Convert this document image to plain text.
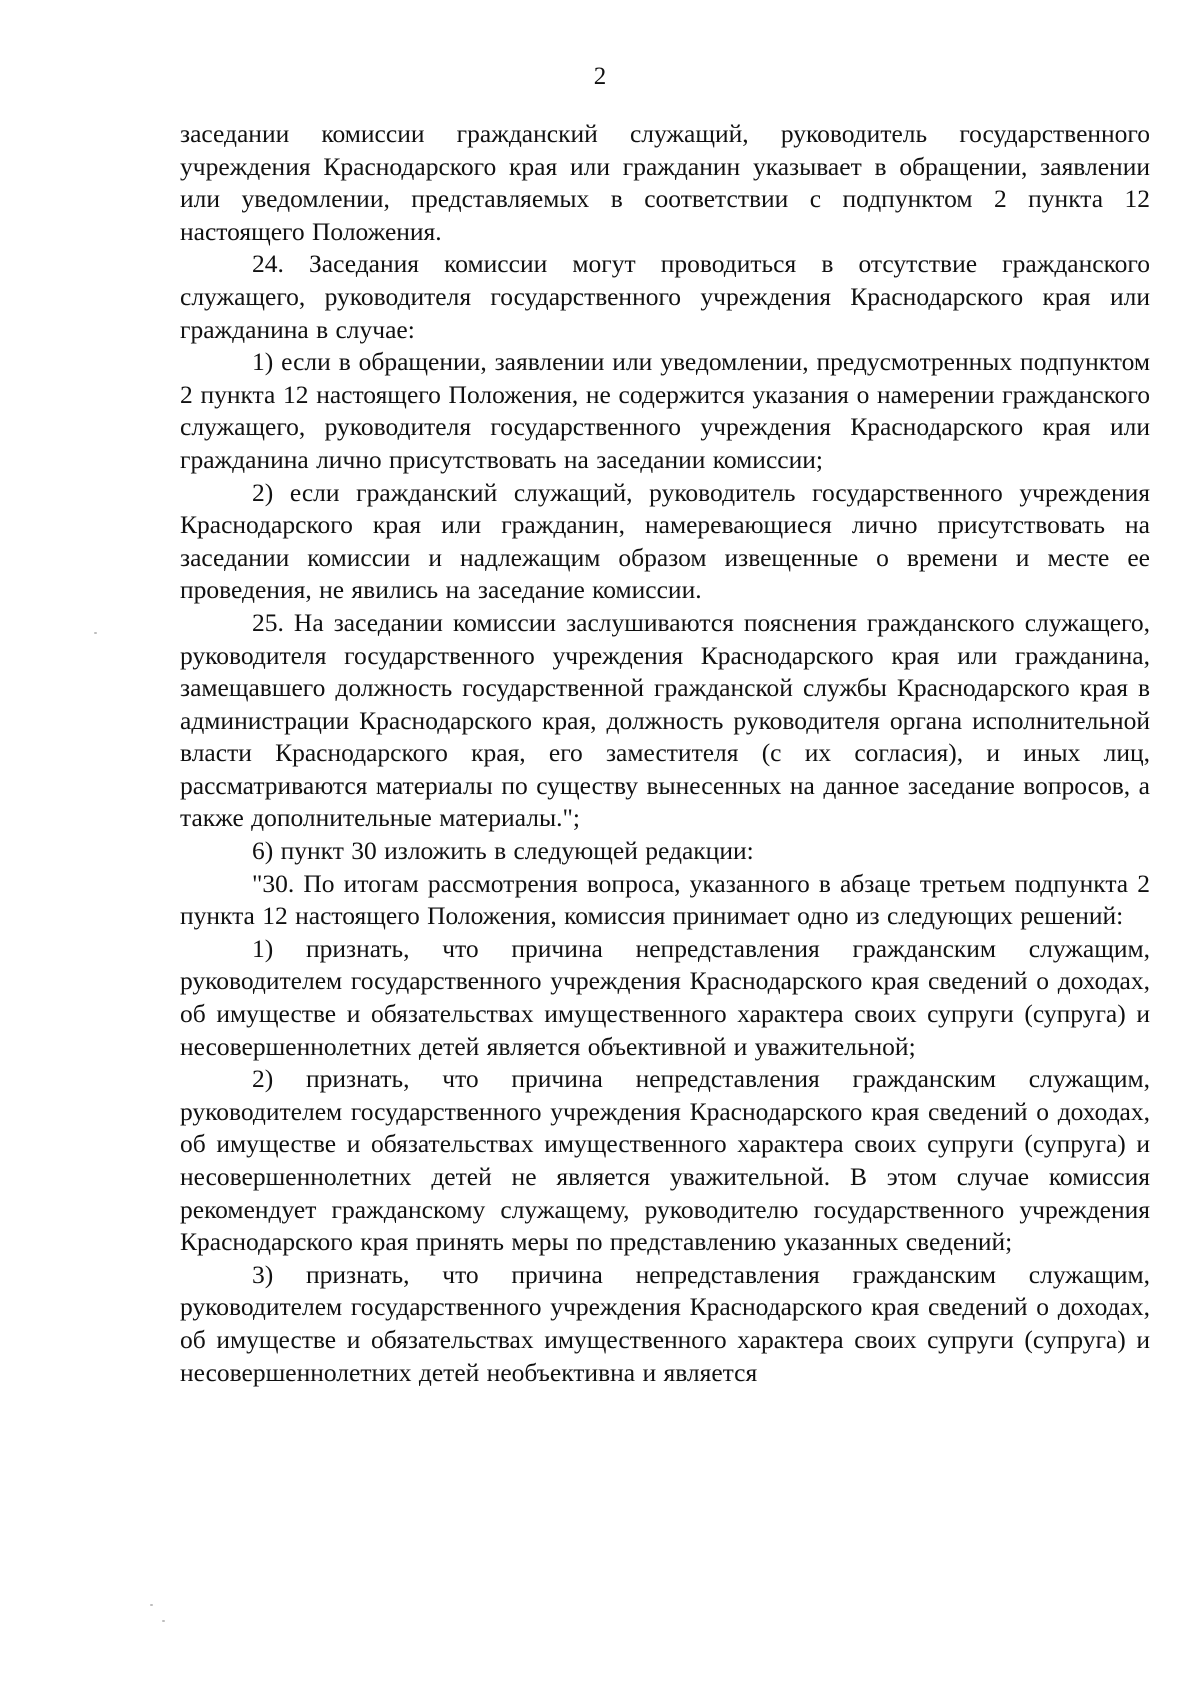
2

заседании комиссии гражданский служащий, руководитель государственного учреждения Краснодарского края или гражданин указывает в обращении, заявлении или уведомлении, представляемых в соответствии с подпунктом 2 пункта 12 настоящего Положения.

24. Заседания комиссии могут проводиться в отсутствие гражданского служащего, руководителя государственного учреждения Краснодарского края или гражданина в случае:

1) если в обращении, заявлении или уведомлении, предусмотренных подпунктом 2 пункта 12 настоящего Положения, не содержится указания о намерении гражданского служащего, руководителя государственного учреждения Краснодарского края или гражданина лично присутствовать на заседании комиссии;

2) если гражданский служащий, руководитель государственного учреждения Краснодарского края или гражданин, намеревающиеся лично присутствовать на заседании комиссии и надлежащим образом извещенные о времени и месте ее проведения, не явились на заседание комиссии.

25. На заседании комиссии заслушиваются пояснения гражданского служащего, руководителя государственного учреждения Краснодарского края или гражданина, замещавшего должность государственной гражданской службы Краснодарского края в администрации Краснодарского края, должность руководителя органа исполнительной власти Краснодарского края, его заместителя (с их согласия), и иных лиц, рассматриваются материалы по существу вынесенных на данное заседание вопросов, а также дополнительные материалы.";

6) пункт 30 изложить в следующей редакции:

"30. По итогам рассмотрения вопроса, указанного в абзаце третьем подпункта 2 пункта 12 настоящего Положения, комиссия принимает одно из следующих решений:

1) признать, что причина непредставления гражданским служащим, руководителем государственного учреждения Краснодарского края сведений о доходах, об имуществе и обязательствах имущественного характера своих супруги (супруга) и несовершеннолетних детей является объективной и уважительной;

2) признать, что причина непредставления гражданским служащим, руководителем государственного учреждения Краснодарского края сведений о доходах, об имуществе и обязательствах имущественного характера своих супруги (супруга) и несовершеннолетних детей не является уважительной. В этом случае комиссия рекомендует гражданскому служащему, руководителю государственного учреждения Краснодарского края принять меры по представлению указанных сведений;

3) признать, что причина непредставления гражданским служащим, руководителем государственного учреждения Краснодарского края сведений о доходах, об имуществе и обязательствах имущественного характера своих супруги (супруга) и несовершеннолетних детей необъективна и является
